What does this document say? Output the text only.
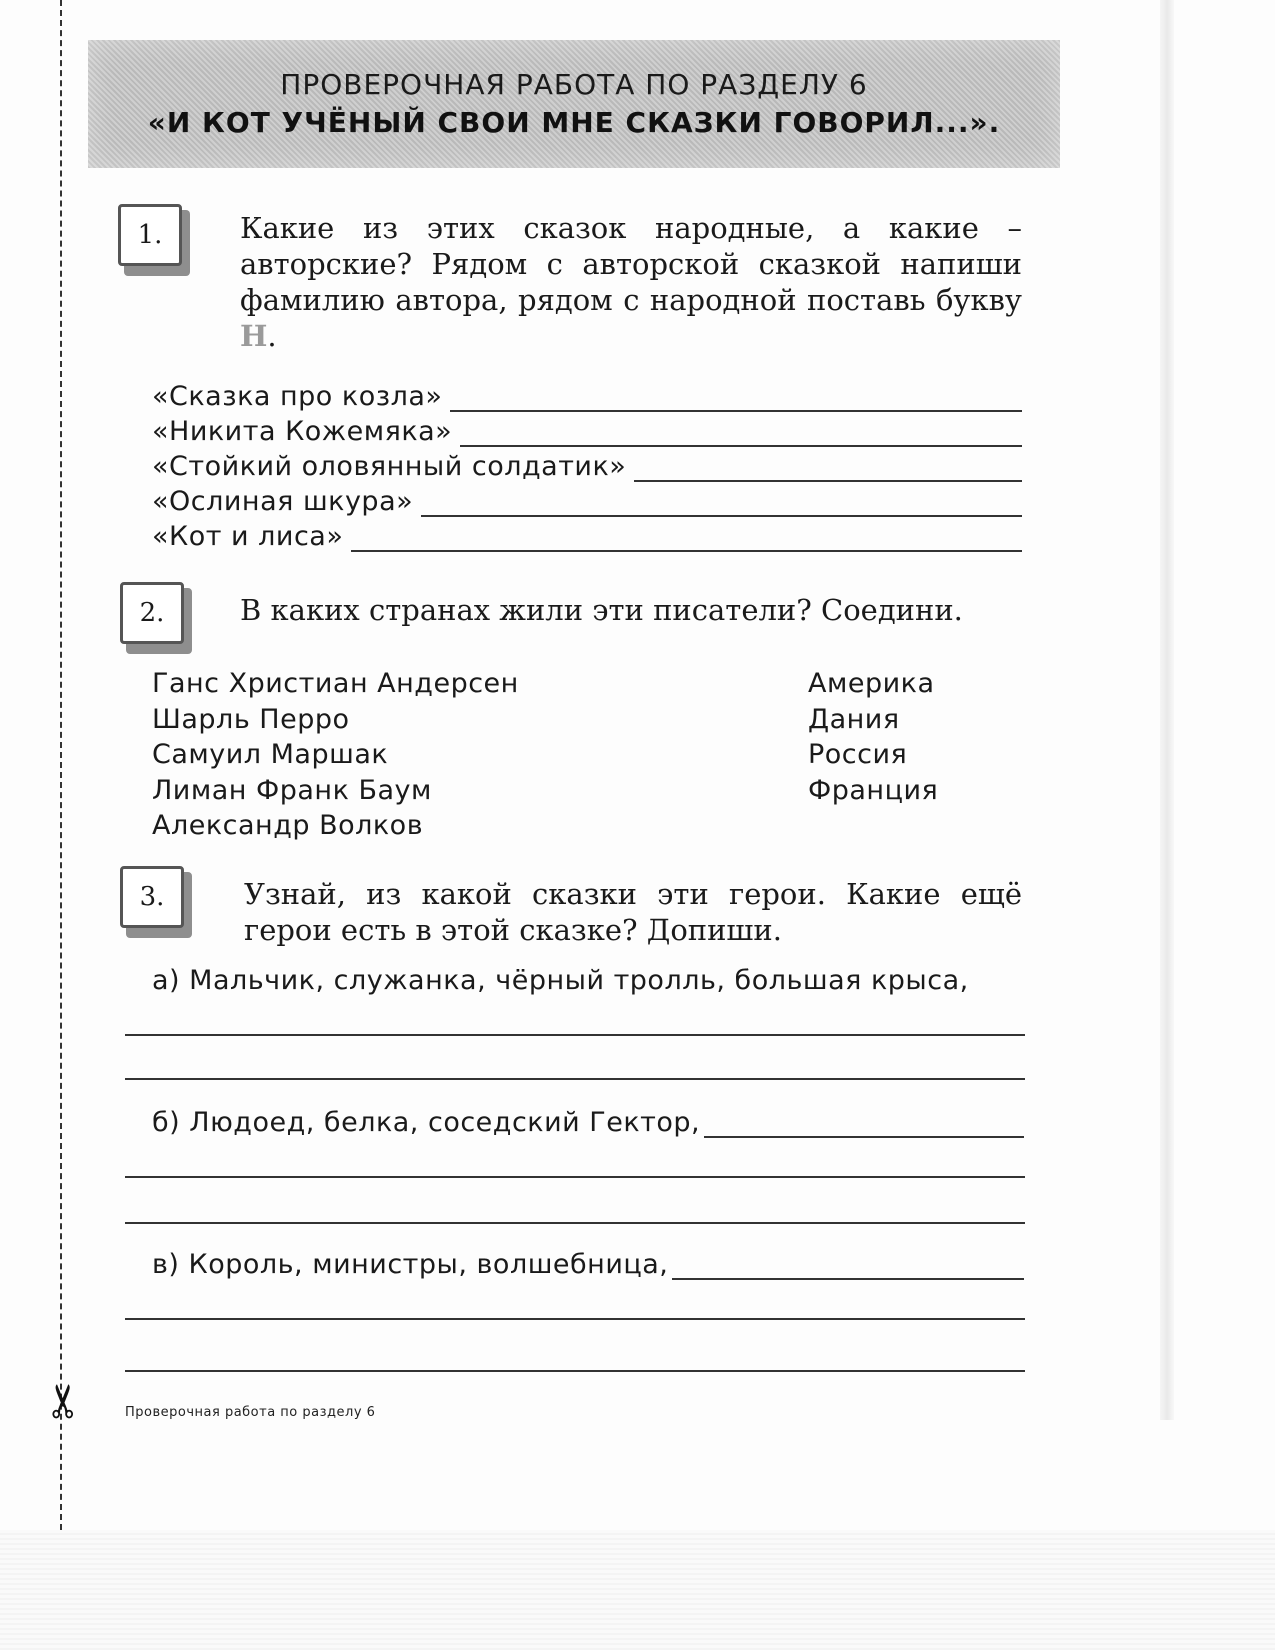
✂
ПРОВЕРОЧНАЯ РАБОТА ПО РАЗДЕЛУ 6
«И КОТ УЧЁНЫЙ СВОИ МНЕ СКАЗКИ ГОВОРИЛ...».
1.	Какие из этих сказок народные, а какие – авторские? Рядом с авторской сказкой напиши фамилию автора, рядом с народной поставь букву Н.
«Сказка про козла»
«Никита Кожемяка»
«Стойкий оловянный солдатик»
«Ослиная шкура»
«Кот и лиса»
2.	В каких странах жили эти писатели? Соедини.
Ганс Христиан Андерсен
Шарль Перро
Самуил Маршак
Лиман Франк Баум
Александр Волков
Америка
Дания
Россия
Франция
3.	Узнай, из какой сказки эти герои. Какие ещё герои есть в этой сказке? Допиши.
а) Мальчик, служанка, чёрный тролль, большая крыса,
б) Людоед, белка, соседский Гектор,
в) Король, министры, волшебница,
Проверочная работа по разделу 6
